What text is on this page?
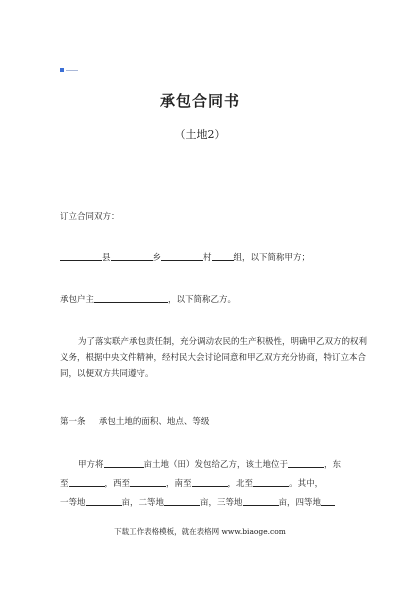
承包合同书
（土地2）
订立合同双方：
县	乡	村	组，以下简称甲方；
承包户主	，以下简称乙方。
为了落实联产承包责任制，充分调动农民的生产积极性，明确甲乙双方的权利
义务，根据中央文件精神，经村民大会讨论同意和甲乙双方充分协商，特订立本合
同，以便双方共同遵守。
第一条 承包土地的面积、地点、等级
甲方将	亩土地（田）发包给乙方，该土地位于	，东
至	，西至	，南至	，北至	。其中，
一等地	亩，二等地	亩，三等地	亩，四等地
下载工作表格模板，就在表格网 www.biaoge.com
